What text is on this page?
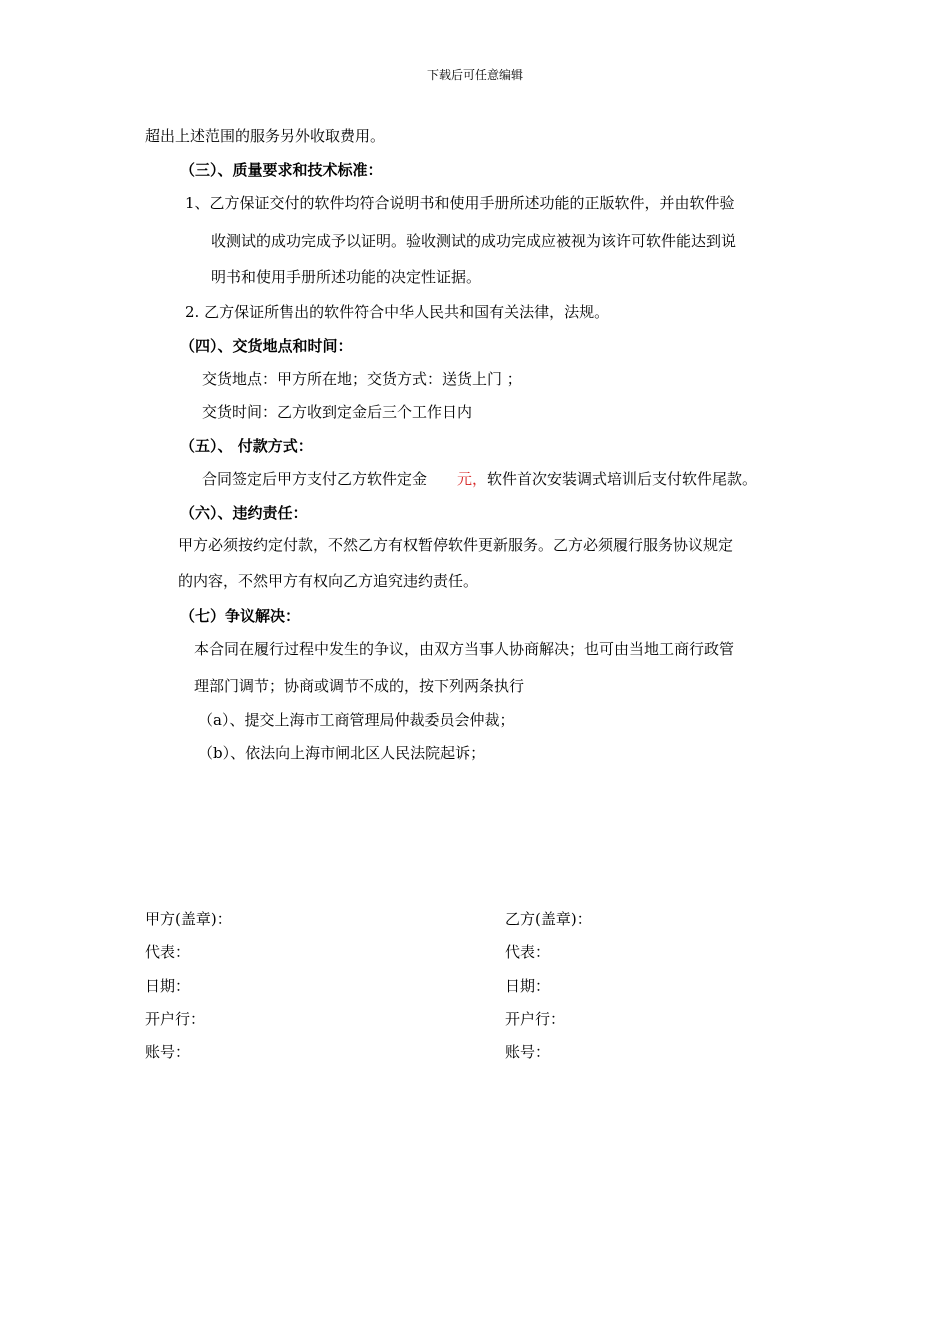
下载后可任意编辑
超出上述范围的服务另外收取费用。
（三）、质量要求和技术标准：
1、乙方保证交付的软件均符合说明书和使用手册所述功能的正版软件，并由软件验
收测试的成功完成予以证明。验收测试的成功完成应被视为该许可软件能达到说
明书和使用手册所述功能的决定性证据。
2. 乙方保证所售出的软件符合中华人民共和国有关法律，法规。
（四）、交货地点和时间：
交货地点：甲方所在地；交货方式：送货上门 ；
交货时间：乙方收到定金后三个工作日内
（五）、 付款方式：
合同签定后甲方支付乙方软件定金 元，软件首次安装调式培训后支付软件尾款。
（六）、违约责任：
甲方必须按约定付款，不然乙方有权暂停软件更新服务。乙方必须履行服务协议规定
的内容，不然甲方有权向乙方追究违约责任。
（七）争议解决：
本合同在履行过程中发生的争议，由双方当事人协商解决；也可由当地工商行政管
理部门调节；协商或调节不成的，按下列两条执行
（a）、提交上海市工商管理局仲裁委员会仲裁；
（b）、依法向上海市闸北区人民法院起诉；
甲方(盖章)：
代表：
日期：
开户行：
账号：
乙方(盖章)：
代表：
日期：
开户行：
账号：
